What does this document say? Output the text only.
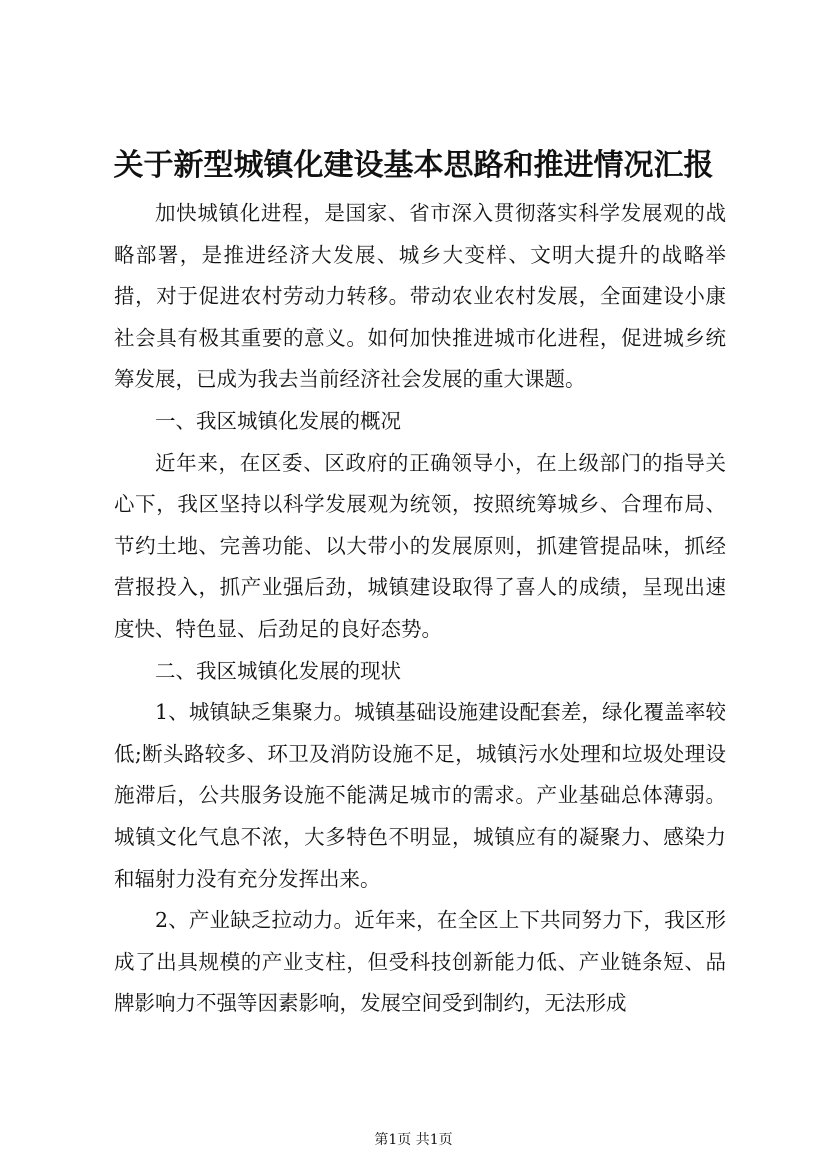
关于新型城镇化建设基本思路和推进情况汇报

加快城镇化进程，是国家、省市深入贯彻落实科学发展观的战略部署，是推进经济大发展、城乡大变样、文明大提升的战略举措，对于促进农村劳动力转移。带动农业农村发展，全面建设小康社会具有极其重要的意义。如何加快推进城市化进程，促进城乡统筹发展，已成为我去当前经济社会发展的重大课题。

一、我区城镇化发展的概况

近年来，在区委、区政府的正确领导小，在上级部门的指导关心下，我区坚持以科学发展观为统领，按照统筹城乡、合理布局、节约土地、完善功能、以大带小的发展原则，抓建管提品味，抓经营报投入，抓产业强后劲，城镇建设取得了喜人的成绩，呈现出速度快、特色显、后劲足的良好态势。

二、我区城镇化发展的现状

1、城镇缺乏集聚力。城镇基础设施建设配套差，绿化覆盖率较低;断头路较多、环卫及消防设施不足，城镇污水处理和垃圾处理设施滞后，公共服务设施不能满足城市的需求。产业基础总体薄弱。城镇文化气息不浓，大多特色不明显，城镇应有的凝聚力、感染力和辐射力没有充分发挥出来。

2、产业缺乏拉动力。近年来，在全区上下共同努力下，我区形成了出具规模的产业支柱，但受科技创新能力低、产业链条短、品牌影响力不强等因素影响，发展空间受到制约，无法形成

第1页 共1页
